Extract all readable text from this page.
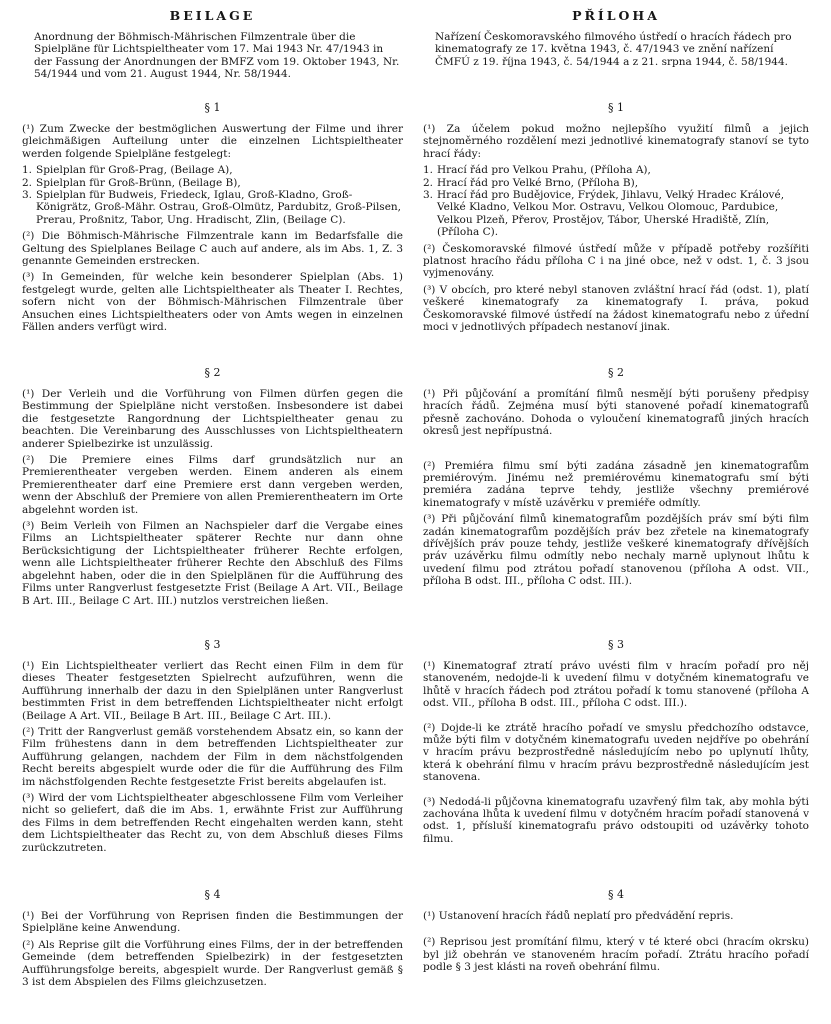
BEILAGE

Anordnung der Böhmisch-Mährischen Filmzentrale über die Spielpläne für Lichtspieltheater vom 17. Mai 1943 Nr. 47/1943 in der Fassung der Anordnungen der BMFZ vom 19. Oktober 1943, Nr. 54/1944 und vom 21. August 1944, Nr. 58/1944.

§ 1

(¹) Zum Zwecke der bestmöglichen Auswertung der Filme und ihrer gleichmäßigen Aufteilung unter die einzelnen Lichtspieltheater werden folgende Spielpläne festgelegt:

1. Spielplan für Groß-Prag, (Beilage A),

2. Spielplan für Groß-Brünn, (Beilage B),

3. Spielplan für Budweis, Friedeck, Iglau, Groß-Kladno, Groß-Königrätz, Groß-Mähr. Ostrau, Groß-Olmütz, Pardubitz, Groß-Pilsen, Prerau, Proßnitz, Tabor, Ung. Hradischt, Zlin, (Beilage C).

(²) Die Böhmisch-Mährische Filmzentrale kann im Bedarfsfalle die Geltung des Spielplanes Beilage C auch auf andere, als im Abs. 1, Z. 3 genannte Gemeinden erstrecken.

(³) In Gemeinden, für welche kein besonderer Spielplan (Abs. 1) festgelegt wurde, gelten alle Lichtspieltheater als Theater I. Rechtes, sofern nicht von der Böhmisch-Mährischen Filmzentrale über Ansuchen eines Lichtspieltheaters oder von Amts wegen in einzelnen Fällen anders verfügt wird.

§ 2

(¹) Der Verleih und die Vorführung von Filmen dürfen gegen die Bestimmung der Spielpläne nicht verstoßen. Insbesondere ist dabei die festgesetzte Rangordnung der Lichtspieltheater genau zu beachten. Die Vereinbarung des Ausschlusses von Lichtspieltheatern anderer Spielbezirke ist unzulässig.

(²) Die Premiere eines Films darf grundsätzlich nur an Premierentheater vergeben werden. Einem anderen als einem Premierentheater darf eine Premiere erst dann vergeben werden, wenn der Abschluß der Premiere von allen Premierentheatern im Orte abgelehnt worden ist.

(³) Beim Verleih von Filmen an Nachspieler darf die Vergabe eines Films an Lichtspieltheater späterer Rechte nur dann ohne Berücksichtigung der Lichtspieltheater früherer Rechte erfolgen, wenn alle Lichtspieltheater früherer Rechte den Abschluß des Films abgelehnt haben, oder die in den Spielplänen für die Aufführung des Films unter Rangverlust festgesetzte Frist (Beilage A Art. VII., Beilage B Art. III., Beilage C Art. III.) nutzlos verstreichen ließen.

§ 3

(¹) Ein Lichtspieltheater verliert das Recht einen Film in dem für dieses Theater festgesetzten Spielrecht aufzuführen, wenn die Aufführung innerhalb der dazu in den Spielplänen unter Rangverlust bestimmten Frist in dem betreffenden Lichtspieltheater nicht erfolgt (Beilage A Art. VII., Beilage B Art. III., Beilage C Art. III.).

(²) Tritt der Rangverlust gemäß vorstehendem Absatz ein, so kann der Film frühestens dann in dem betreffenden Lichtspieltheater zur Aufführung gelangen, nachdem der Film in dem nächstfolgenden Recht bereits abgespielt wurde oder die für die Aufführung des Film im nächstfolgenden Rechte festgesetzte Frist bereits abgelaufen ist.

(³) Wird der vom Lichtspieltheater abgeschlossene Film vom Verleiher nicht so geliefert, daß die im Abs. 1, erwähnte Frist zur Aufführung des Films in dem betreffenden Recht eingehalten werden kann, steht dem Lichtspieltheater das Recht zu, von dem Abschluß dieses Films zurückzutreten.

§ 4

(¹) Bei der Vorführung von Reprisen finden die Bestimmungen der Spielpläne keine Anwendung.

(²) Als Reprise gilt die Vorführung eines Films, der in der betreffenden Gemeinde (dem betreffenden Spielbezirk) in der festgesetzten Aufführungsfolge bereits, abgespielt wurde. Der Rangverlust gemäß § 3 ist dem Abspielen des Films gleichzusetzen.

PŘÍLOHA

Nařízení Českomoravského filmového ústředí o hracích řádech pro kinematografy ze 17. května 1943, č. 47/1943 ve znění nařízení ČMFÚ z 19. října 1943, č. 54/1944 a z 21. srpna 1944, č. 58/1944.

§ 1

(¹) Za účelem pokud možno nejlepšího využití filmů a jejich stejnoměrného rozdělení mezi jednotlivé kinematografy stanoví se tyto hrací řády:

1. Hrací řád pro Velkou Prahu, (Příloha A),

2. Hrací řád pro Velké Brno, (Příloha B),

3. Hrací řád pro Budějovice, Frýdek, Jihlavu, Velký Hradec Králové, Velké Kladno, Velkou Mor. Ostravu, Velkou Olomouc, Pardubice, Velkou Plzeň, Přerov, Prostějov, Tábor, Uherské Hradiště, Zlín, (Příloha C).

(²) Českomoravské filmové ústředí může v případě potřeby rozšířiti platnost hracího řádu příloha C i na jiné obce, než v odst. 1, č. 3 jsou vyjmenovány.

(³) V obcích, pro které nebyl stanoven zvláštní hrací řád (odst. 1), platí veškeré kinematografy za kinematografy I. práva, pokud Českomoravské filmové ústředí na žádost kinematografu nebo z úřední moci v jednotlivých případech nestanoví jinak.

§ 2

(¹) Při půjčování a promítání filmů nesmějí býti porušeny předpisy hracích řádů. Zejména musí býti stanovené pořadí kinematografů přesně zachováno. Dohoda o vyloučení kinematografů jiných hracích okresů jest nepřípustná.

(²) Premiéra filmu smí býti zadána zásadně jen kinematografům premiérovým. Jinému než premiérovému kinematografu smí býti premiéra zadána teprve tehdy, jestliže všechny premiérové kinematografy v místě uzávěrku v premiéře odmítly.

(³) Při půjčování filmů kinematografům pozdějších práv smí býti film zadán kinematografům pozdějších práv bez zřetele na kinematografy dřívějších práv pouze tehdy, jestliže veškeré kinematografy dřívějších práv uzávěrku filmu odmítly nebo nechaly marně uplynout lhůtu k uvedení filmu pod ztrátou pořadí stanovenou (příloha A odst. VII., příloha B odst. III., příloha C odst. III.).

§ 3

(¹) Kinematograf ztratí právo uvésti film v hracím pořadí pro něj stanoveném, nedojde-li k uvedení filmu v dotyčném kinematografu ve lhůtě v hracích řádech pod ztrátou pořadí k tomu stanovené (příloha A odst. VII., příloha B odst. III., příloha C odst. III.).

(²) Dojde-li ke ztrátě hracího pořadí ve smyslu předchozího odstavce, může býti film v dotyčném kinematografu uveden nejdříve po obehrání v hracím právu bezprostředně následujícím nebo po uplynutí lhůty, která k obehrání filmu v hracím právu bezprostředně následujícím jest stanovena.

(³) Nedodá-li půjčovna kinematografu uzavřený film tak, aby mohla býti zachována lhůta k uvedení filmu v dotyčném hracím pořadí stanovená v odst. 1, přísluší kinematografu právo odstoupiti od uzávěrky tohoto filmu.

§ 4

(¹) Ustanovení hracích řádů neplatí pro předvádění repris.

(²) Reprisou jest promítání filmu, který v té které obci (hracím okrsku) byl již obehrán ve stanoveném hracím pořadí. Ztrátu hracího pořadí podle § 3 jest klásti na roveň obehrání filmu.
